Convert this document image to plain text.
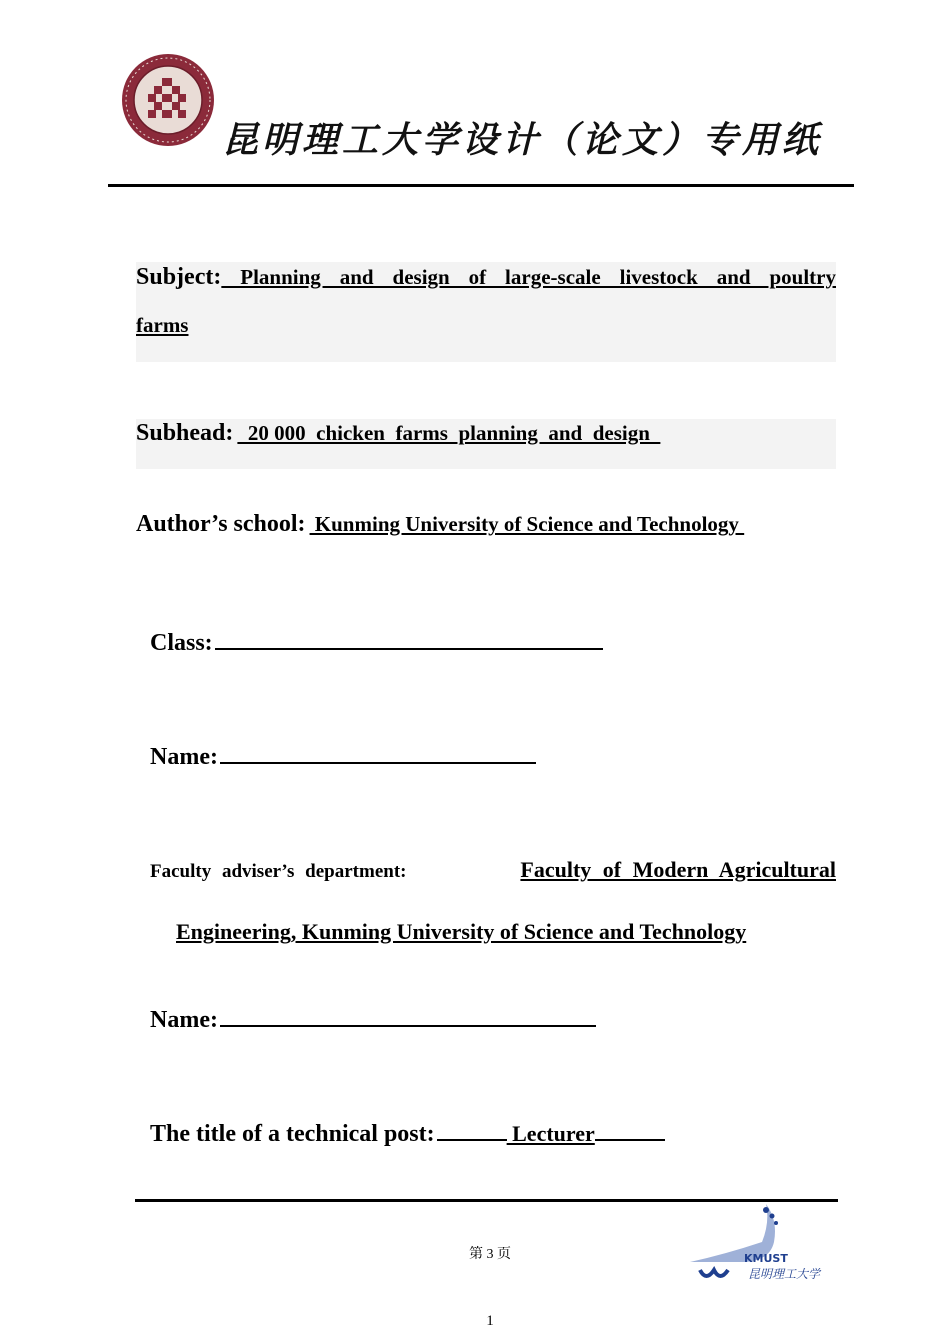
昆明理工大学设计（论文）专用纸
Subject: Planning and design of large-scale livestock and poultry
farms
Subhead:   20 000  chicken  farms  planning  and  design
Author’s school:  Kunming University of Science and Technology
Class:
Name:
Faculty adviser’s department:	Faculty of Modern Agricultural
Engineering, Kunming University of Science and Technology
Name:
The title of a technical post:	Lecturer
第 3 页	KMUST
昆明理工大学
1
